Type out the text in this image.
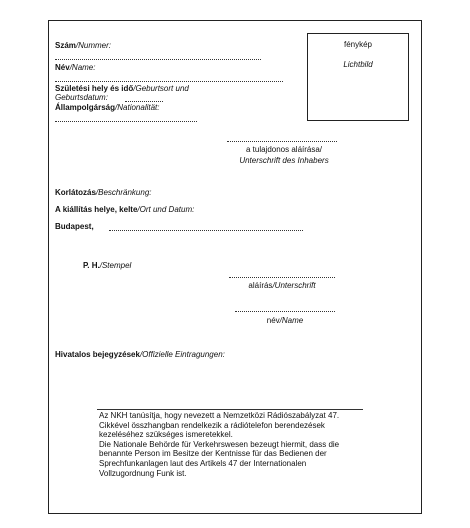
Szám/Nummer:
Név/Name:
Születési hely és idő/Geburtsort und
Geburtsdatum:
Állampolgárság/Nationalität:
fénykép
Lichtbild
a tulajdonos aláírása/
Unterschrift des Inhabers
Korlátozás/Beschränkung:
A kiállítás helye, kelte/Ort und Datum:
Budapest,
P. H./Stempel
aláírás/Unterschrift
név/Name
Hivatalos bejegyzések/Offizielle Eintragungen:

Az NKH tanúsítja, hogy nevezett a Nemzetközi Rádiószabályzat 47. Cikkével összhangban rendelkezik a rádiótelefon berendezések kezeléséhez szükséges ismeretekkel.

Die Nationale Behörde für Verkehrswesen bezeugt hiermit, dass die benannte Person im Besitze der Kentnisse für das Bedienen der Sprechfunkanlagen laut des Artikels 47 der Internationalen Vollzugordnung Funk ist.
